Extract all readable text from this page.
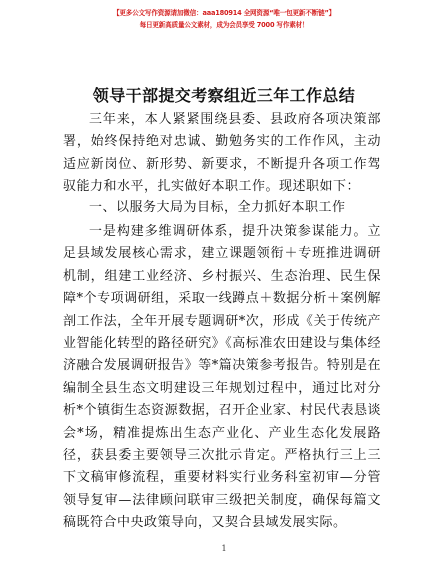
【更多公文写作资源请加微信：aaa180914 全网资源“唯一包更新不断链”】
每日更新高质量公文素材，成为会员享受 7000 写作素材！
领导干部提交考察组近三年工作总结

三年来，本人紧紧围绕县委、县政府各项决策部署，始终保持绝对忠诚、勤勉务实的工作作风，主动适应新岗位、新形势、新要求，不断提升各项工作驾驭能力和水平，扎实做好本职工作。现述职如下：

一、以服务大局为目标，全力抓好本职工作

一是构建多维调研体系，提升决策参谋能力。立足县域发展核心需求，建立课题领衔＋专班推进调研机制，组建工业经济、乡村振兴、生态治理、民生保障*个专项调研组，采取一线蹲点＋数据分析＋案例解剖工作法，全年开展专题调研*次，形成《关于传统产业智能化转型的路径研究》《高标准农田建设与集体经济融合发展调研报告》等*篇决策参考报告。特别是在编制全县生态文明建设三年规划过程中，通过比对分析*个镇街生态资源数据，召开企业家、村民代表恳谈会*场，精准提炼出生态产业化、产业生态化发展路径，获县委主要领导三次批示肯定。严格执行三上三下文稿审修流程，重要材料实行业务科室初审—分管领导复审—法律顾问联审三级把关制度，确保每篇文稿既符合中央政策导向，又契合县域发展实际。

1
